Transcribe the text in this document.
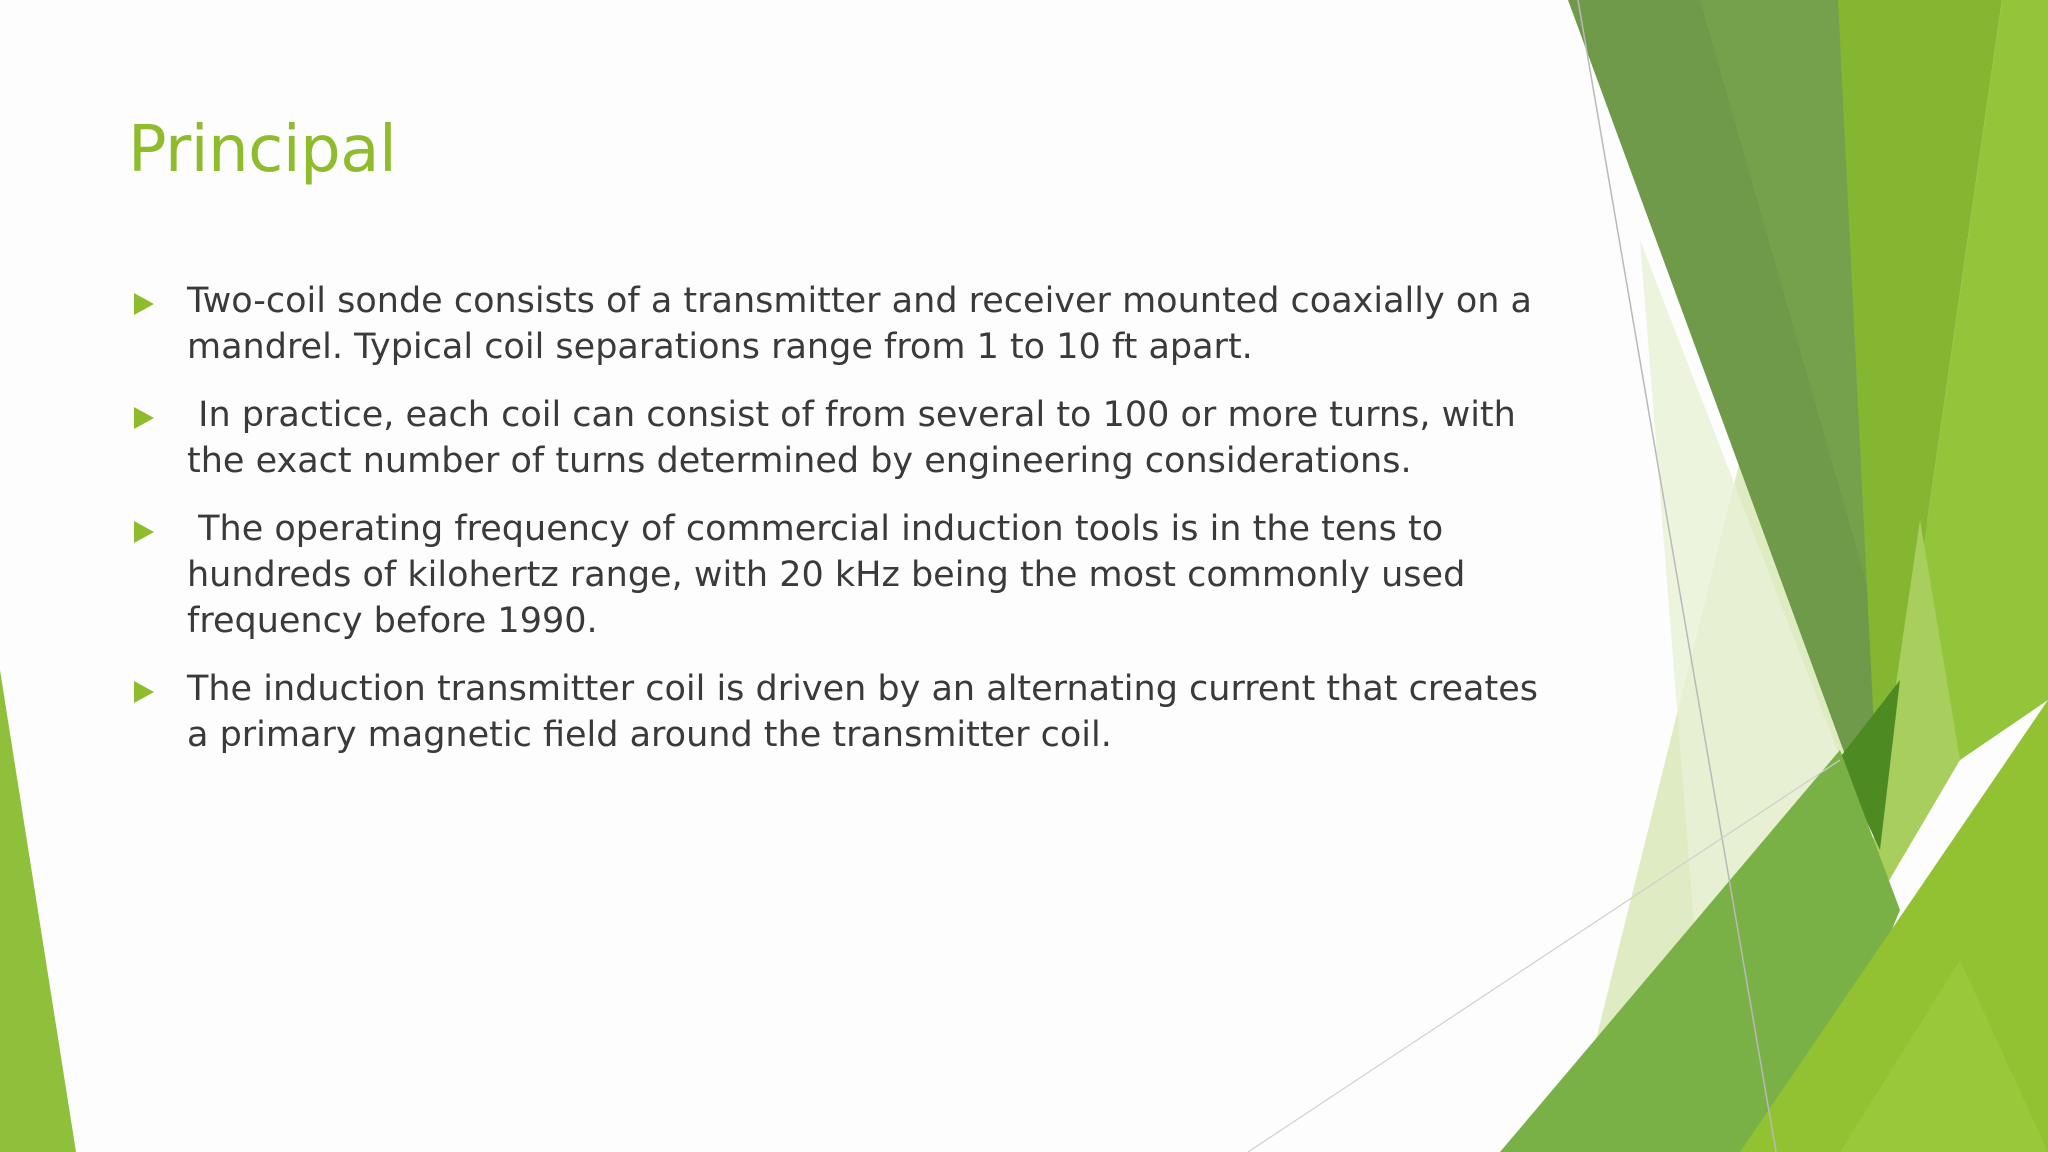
Principal
Two-coil sonde consists of a transmitter and receiver mounted coaxially on a mandrel. Typical coil separations range from 1 to 10 ft apart.
In practice, each coil can consist of from several to 100 or more turns, with the exact number of turns determined by engineering considerations.
The operating frequency of commercial induction tools is in the tens to hundreds of kilohertz range, with 20 kHz being the most commonly used frequency before 1990.
The induction transmitter coil is driven by an alternating current that creates a primary magnetic field around the transmitter coil.
